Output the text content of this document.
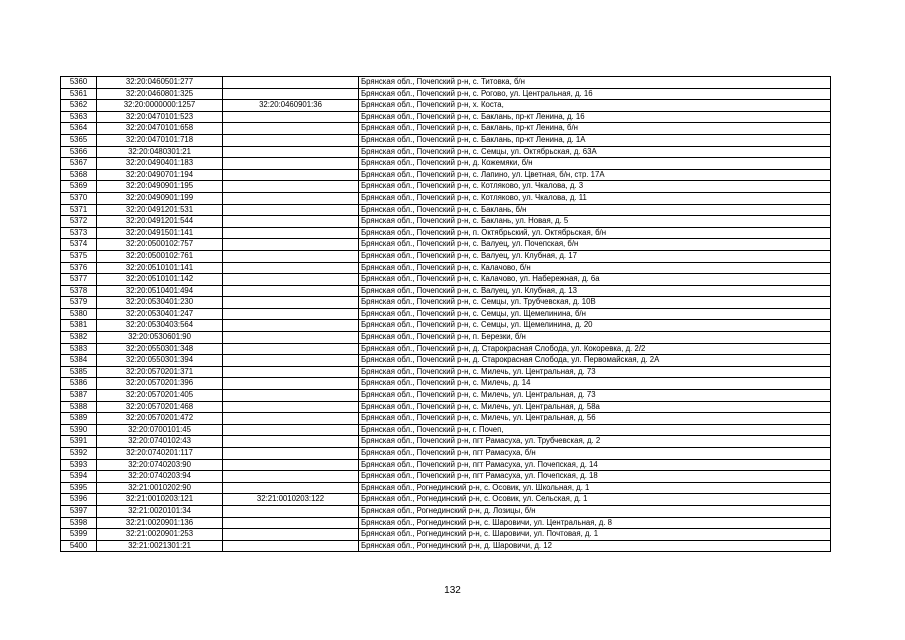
5360	32:20:0460501:277		Брянская обл., Почепский р-н, с. Титовка, б/н
5361	32:20:0460801:325		Брянская обл., Почепский р-н, с. Рогово, ул. Центральная, д. 16
5362	32:20:0000000:1257	32:20:0460901:36	Брянская обл., Почепский р-н, х. Коста,
5363	32:20:0470101:523		Брянская обл., Почепский р-н, с. Баклань, пр-кт Ленина, д. 16
5364	32:20:0470101:658		Брянская обл., Почепский р-н, с. Баклань, пр-кт Ленина, б/н
5365	32:20:0470101:718		Брянская обл., Почепский р-н, с. Баклань, пр-кт Ленина, д. 1А
5366	32:20:0480301:21		Брянская обл., Почепский р-н, с. Семцы, ул. Октябрьская, д. 63А
5367	32:20:0490401:183		Брянская обл., Почепский р-н, д. Кожемяки, б/н
5368	32:20:0490701:194		Брянская обл., Почепский р-н, с. Лапино, ул. Цветная, б/н, стр. 17А
5369	32:20:0490901:195		Брянская обл., Почепский р-н, с. Котляково, ул. Чкалова, д. 3
5370	32:20:0490901:199		Брянская обл., Почепский р-н, с. Котляково, ул. Чкалова, д. 11
5371	32:20:0491201:531		Брянская обл., Почепский р-н, с. Баклань, б/н
5372	32:20:0491201:544		Брянская обл., Почепский р-н, с. Баклань, ул. Новая, д. 5
5373	32:20:0491501:141		Брянская обл., Почепский р-н, п. Октябрьский, ул. Октябрьская, б/н
5374	32:20:0500102:757		Брянская обл., Почепский р-н, с. Валуец, ул. Почепская, б/н
5375	32:20:0500102:761		Брянская обл., Почепский р-н, с. Валуец, ул. Клубная, д. 17
5376	32:20:0510101:141		Брянская обл., Почепский р-н, с. Калачово, б/н
5377	32:20:0510101:142		Брянская обл., Почепский р-н, с. Калачово, ул. Набережная, д. 6а
5378	32:20:0510401:494		Брянская обл., Почепский р-н, с. Валуец, ул. Клубная, д. 13
5379	32:20:0530401:230		Брянская обл., Почепский р-н, с. Семцы, ул. Трубчевская, д. 10В
5380	32:20:0530401:247		Брянская обл., Почепский р-н, с. Семцы, ул. Щемелинина, б/н
5381	32:20:0530403:564		Брянская обл., Почепский р-н, с. Семцы, ул. Щемелинина, д. 20
5382	32:20:0530601:90		Брянская обл., Почепский р-н, п. Березки, б/н
5383	32:20:0550301:348		Брянская обл., Почепский р-н, д. Старокрасная Слобода, ул. Кокоревка, д. 2/2
5384	32:20:0550301:394		Брянская обл., Почепский р-н, д. Старокрасная Слобода, ул. Первомайская, д. 2А
5385	32:20:0570201:371		Брянская обл., Почепский р-н, с. Милечь, ул. Центральная, д. 73
5386	32:20:0570201:396		Брянская обл., Почепский р-н, с. Милечь, д. 14
5387	32:20:0570201:405		Брянская обл., Почепский р-н, с. Милечь, ул. Центральная, д. 73
5388	32:20:0570201:468		Брянская обл., Почепский р-н, с. Милечь, ул. Центральная, д. 58а
5389	32:20:0570201:472		Брянская обл., Почепский р-н, с. Милечь, ул. Центральная, д. 56
5390	32:20:0700101:45		Брянская обл., Почепский р-н, г. Почеп,
5391	32:20:0740102:43		Брянская обл., Почепский р-н, пгт Рамасуха, ул. Трубчевская, д. 2
5392	32:20:0740201:117		Брянская обл., Почепский р-н, пгт Рамасуха, б/н
5393	32:20:0740203:90		Брянская обл., Почепский р-н, пгт Рамасуха, ул. Почепская, д. 14
5394	32:20:0740203:94		Брянская обл., Почепский р-н, пгт Рамасуха, ул. Почепская, д. 18
5395	32:21:0010202:90		Брянская обл., Рогнединский р-н, с. Осовик, ул. Школьная, д. 1
5396	32:21:0010203:121	32:21:0010203:122	Брянская обл., Рогнединский р-н, с. Осовик, ул. Сельская, д. 1
5397	32:21:0020101:34		Брянская обл., Рогнединский р-н, д. Лозицы, б/н
5398	32:21:0020901:136		Брянская обл., Рогнединский р-н, с. Шаровичи, ул. Центральная, д. 8
5399	32:21:0020901:253		Брянская обл., Рогнединский р-н, с. Шаровичи, ул. Почтовая, д. 1
5400	32:21:0021301:21		Брянская обл., Рогнединский р-н, д. Шаровичи, д. 12
132
